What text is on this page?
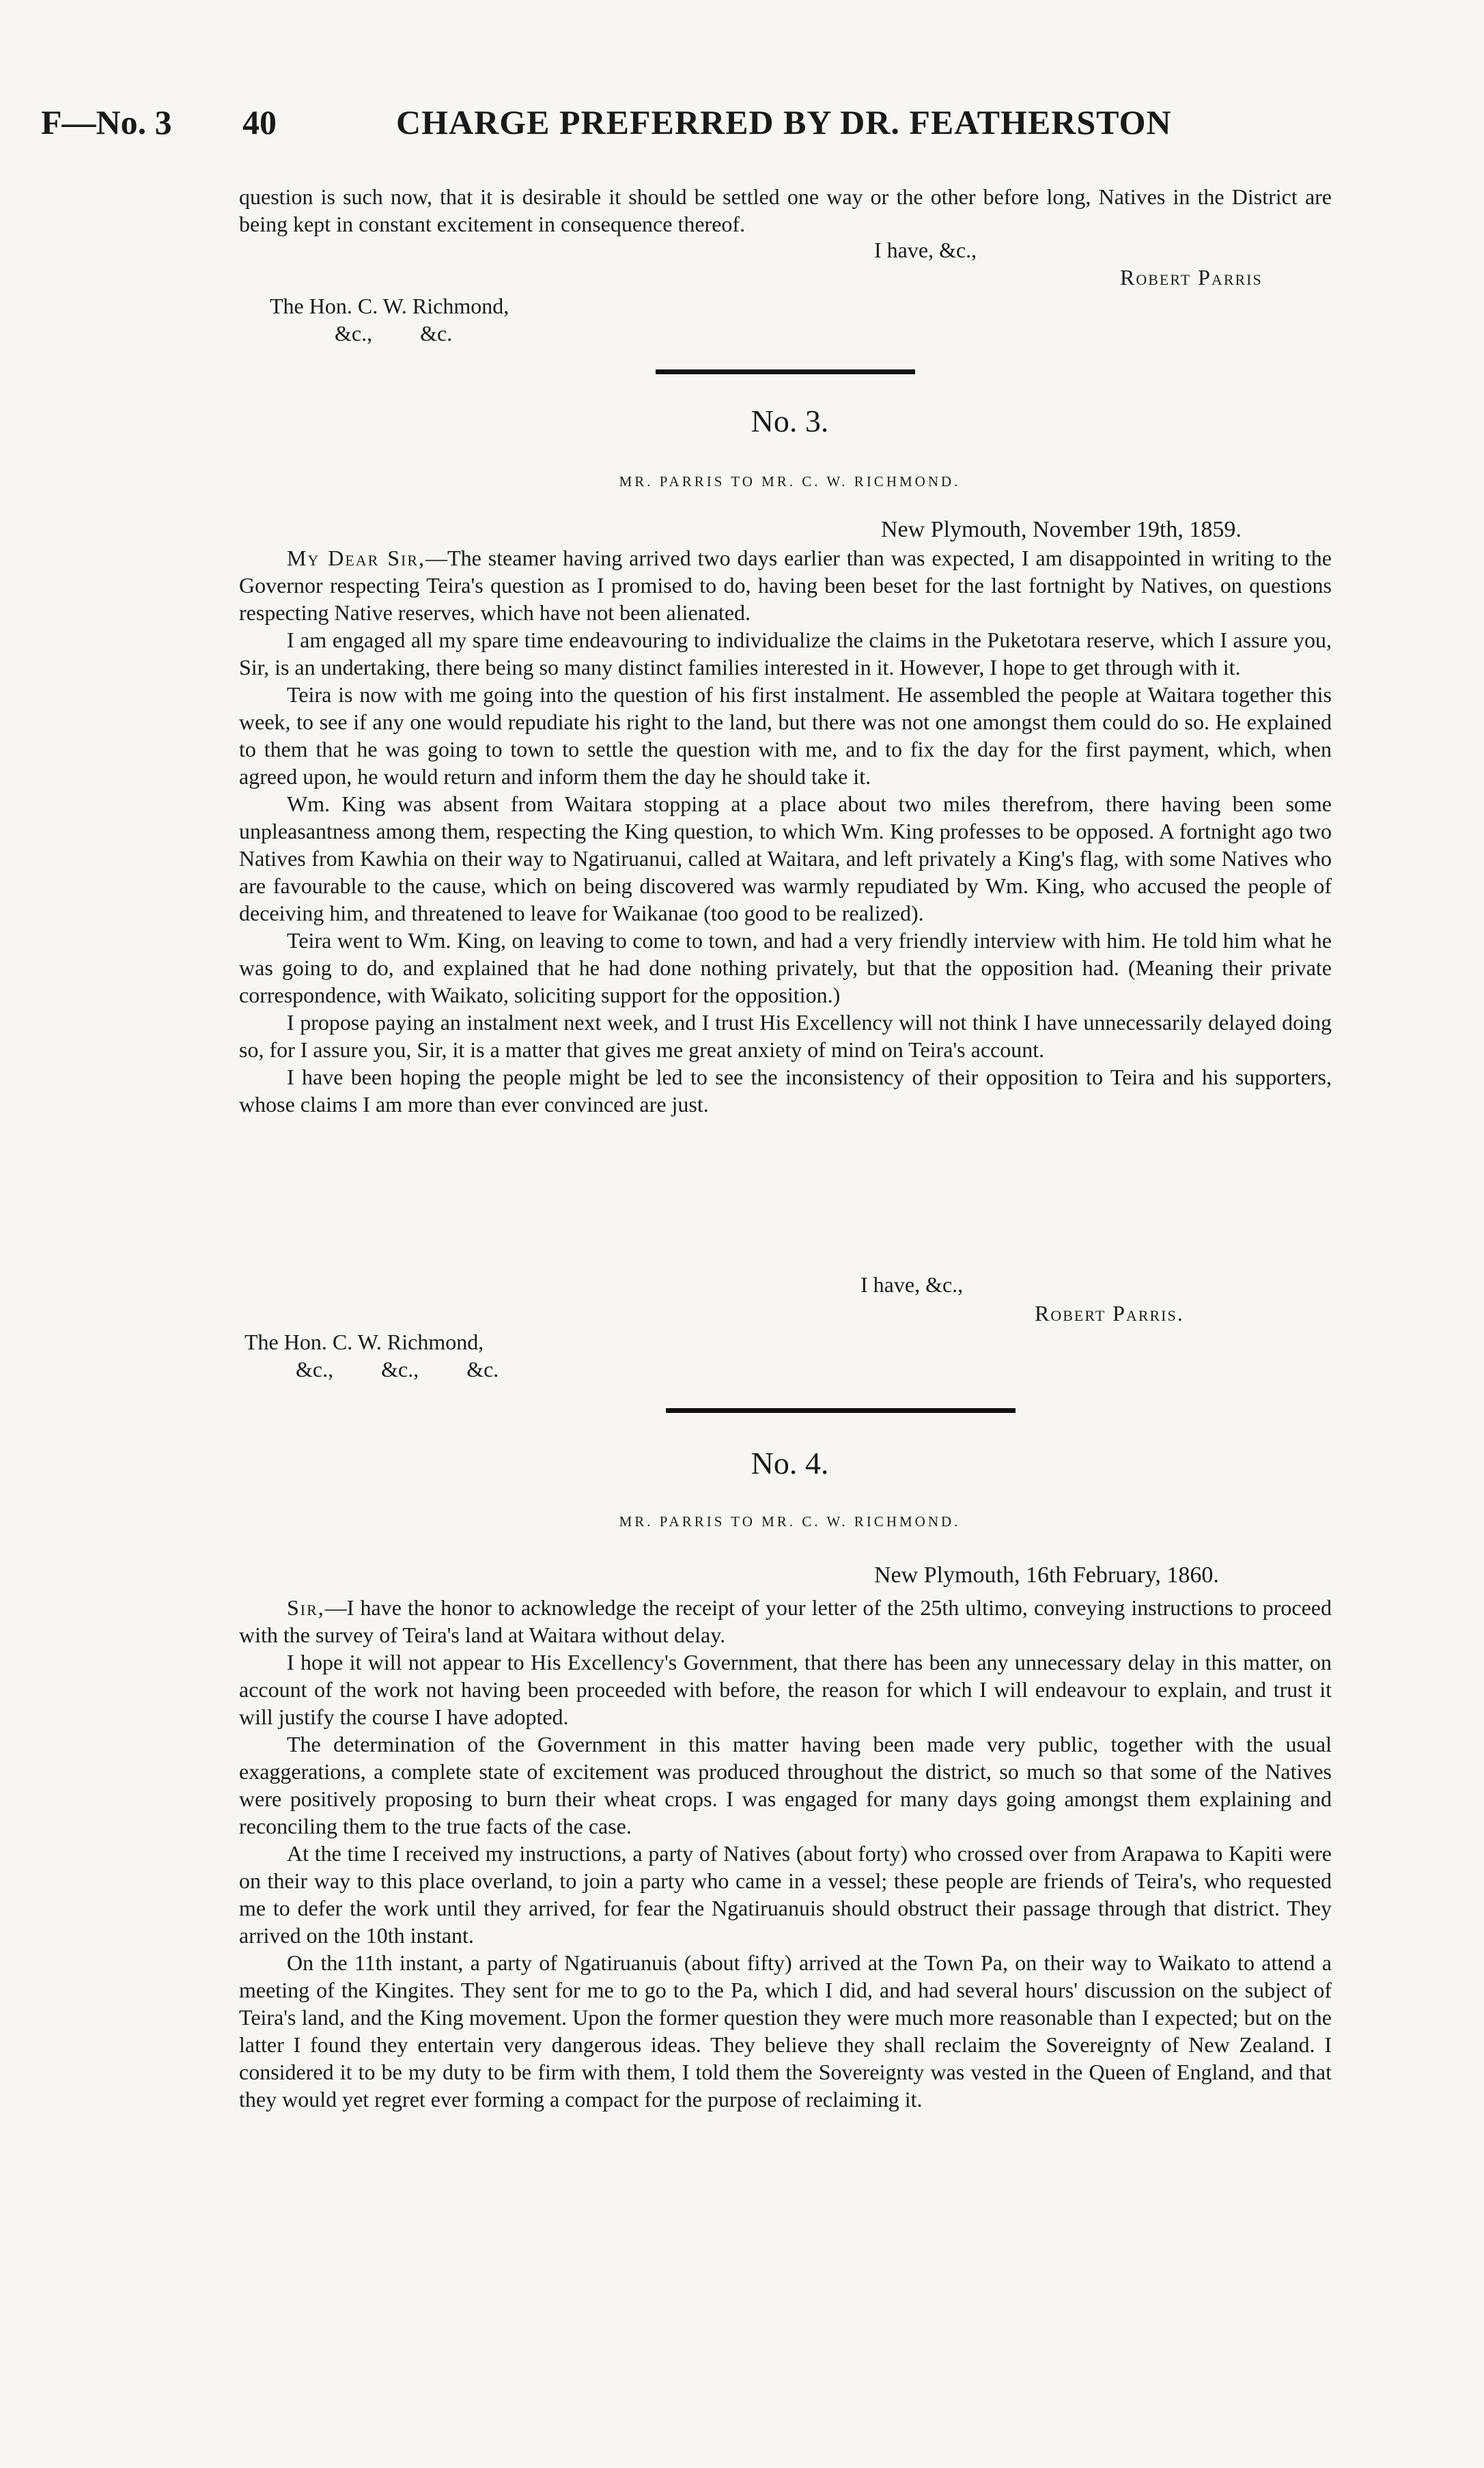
F—No. 3 40	CHARGE PREFERRED BY DR. FEATHERSTON

question is such now, that it is desirable it should be settled one way or the other before long, Natives in the District are being kept in constant excitement in consequence thereof.

I have, &c.,
Robert Parris
The Hon. C. W. Richmond,
&c., &c.
No. 3.
MR. PARRIS TO MR. C. W. RICHMOND.
New Plymouth, November 19th, 1859.

My Dear Sir,—The steamer having arrived two days earlier than was expected, I am disappointed in writing to the Governor respecting Teira's question as I promised to do, having been beset for the last fortnight by Natives, on questions respecting Native reserves, which have not been alienated.

I am engaged all my spare time endeavouring to individualize the claims in the Puketotara reserve, which I assure you, Sir, is an undertaking, there being so many distinct families interested in it. However, I hope to get through with it.

Teira is now with me going into the question of his first instalment. He assembled the people at Waitara together this week, to see if any one would repudiate his right to the land, but there was not one amongst them could do so. He explained to them that he was going to town to settle the question with me, and to fix the day for the first payment, which, when agreed upon, he would return and inform them the day he should take it.

Wm. King was absent from Waitara stopping at a place about two miles therefrom, there having been some unpleasantness among them, respecting the King question, to which Wm. King professes to be opposed. A fortnight ago two Natives from Kawhia on their way to Ngatiruanui, called at Waitara, and left privately a King's flag, with some Natives who are favourable to the cause, which on being discovered was warmly repudiated by Wm. King, who accused the people of deceiving him, and threatened to leave for Waikanae (too good to be realized).

Teira went to Wm. King, on leaving to come to town, and had a very friendly interview with him. He told him what he was going to do, and explained that he had done nothing privately, but that the opposition had. (Meaning their private correspondence, with Waikato, soliciting support for the opposition.)

I propose paying an instalment next week, and I trust His Excellency will not think I have unnecessarily delayed doing so, for I assure you, Sir, it is a matter that gives me great anxiety of mind on Teira's account.

I have been hoping the people might be led to see the inconsistency of their opposition to Teira and his supporters, whose claims I am more than ever convinced are just.

I have, &c.,
Robert Parris.
The Hon. C. W. Richmond,
&c., &c., &c.
No. 4.
MR. PARRIS TO MR. C. W. RICHMOND.
New Plymouth, 16th February, 1860.

Sir,—I have the honor to acknowledge the receipt of your letter of the 25th ultimo, conveying instructions to proceed with the survey of Teira's land at Waitara without delay.

I hope it will not appear to His Excellency's Government, that there has been any unnecessary delay in this matter, on account of the work not having been proceeded with before, the reason for which I will endeavour to explain, and trust it will justify the course I have adopted.

The determination of the Government in this matter having been made very public, together with the usual exaggerations, a complete state of excitement was produced throughout the district, so much so that some of the Natives were positively proposing to burn their wheat crops. I was engaged for many days going amongst them explaining and reconciling them to the true facts of the case.

At the time I received my instructions, a party of Natives (about forty) who crossed over from Arapawa to Kapiti were on their way to this place overland, to join a party who came in a vessel; these people are friends of Teira's, who requested me to defer the work until they arrived, for fear the Ngatiruanuis should obstruct their passage through that district. They arrived on the 10th instant.

On the 11th instant, a party of Ngatiruanuis (about fifty) arrived at the Town Pa, on their way to Waikato to attend a meeting of the Kingites. They sent for me to go to the Pa, which I did, and had several hours' discussion on the subject of Teira's land, and the King movement. Upon the former question they were much more reasonable than I expected; but on the latter I found they entertain very dangerous ideas. They believe they shall reclaim the Sovereignty of New Zealand. I considered it to be my duty to be firm with them, I told them the Sovereignty was vested in the Queen of England, and that they would yet regret ever forming a compact for the purpose of reclaiming it.
